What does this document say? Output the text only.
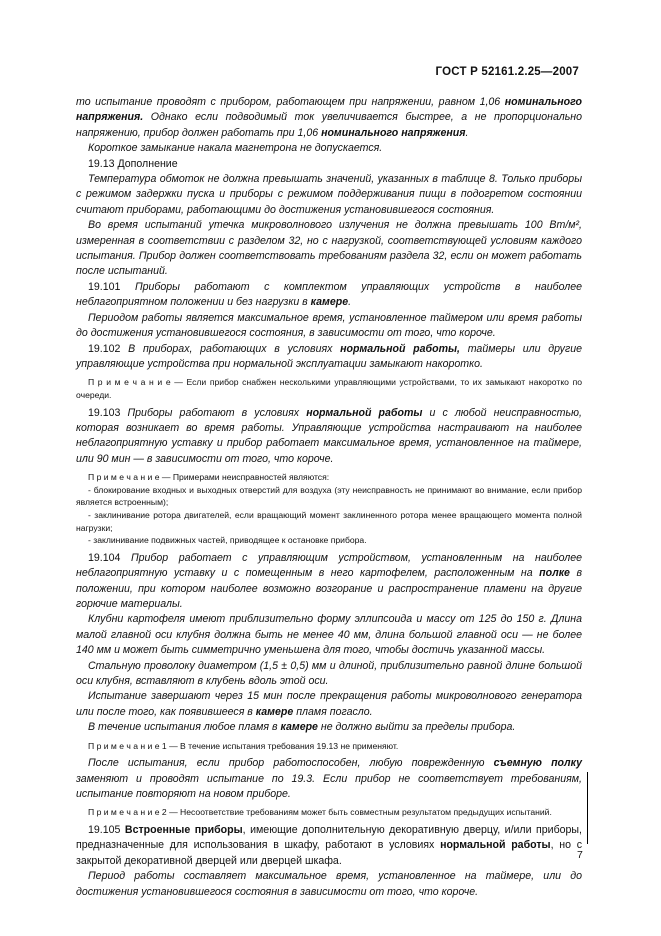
ГОСТ Р 52161.2.25—2007

то испытание проводят с прибором, работающем при напряжении, равном 1,06 номинального напряжения. Однако если подводимый ток увеличивается быстрее, а не пропорционально напряжению, прибор должен работать при 1,06 номинального напряжения.

Короткое замыкание накала магнетрона не допускается.

19.13 Дополнение

Температура обмоток не должна превышать значений, указанных в таблице 8. Только приборы с режимом задержки пуска и приборы с режимом поддерживания пищи в подогретом состоянии считают приборами, работающими до достижения установившегося состояния.

Во время испытаний утечка микроволнового излучения не должна превышать 100 Вт/м², измеренная в соответствии с разделом 32, но с нагрузкой, соответствующей условиям каждого испытания. Прибор должен соответствовать требованиям раздела 32, если он может работать после испытаний.

19.101 Приборы работают с комплектом управляющих устройств в наиболее неблагоприятном положении и без нагрузки в камере.

Периодом работы является максимальное время, установленное таймером или время работы до достижения установившегося состояния, в зависимости от того, что короче.

19.102 В приборах, работающих в условиях нормальной работы, таймеры или другие управляющие устройства при нормальной эксплуатации замыкают накоротко.

П р и м е ч а н и е — Если прибор снабжен несколькими управляющими устройствами, то их замыкают накоротко по очереди.

19.103 Приборы работают в условиях нормальной работы и с любой неисправностью, которая возникает во время работы. Управляющие устройства настраивают на наиболее неблагоприятную уставку и прибор работает максимальное время, установленное на таймере, или 90 мин — в зависимости от того, что короче.

П р и м е ч а н и е — Примерами неисправностей являются:

- блокирование входных и выходных отверстий для воздуха (эту неисправность не принимают во внимание, если прибор является встроенным);

- заклинивание ротора двигателей, если вращающий момент заклиненного ротора менее вращающего момента полной нагрузки;

- заклинивание подвижных частей, приводящее к остановке прибора.

19.104 Прибор работает с управляющим устройством, установленным на наиболее неблагоприятную уставку и с помещенным в него картофелем, расположенным на полке в положении, при котором наиболее возможно возгорание и распространение пламени на другие горючие материалы.

Клубни картофеля имеют приблизительно форму эллипсоида и массу от 125 до 150 г. Длина малой главной оси клубня должна быть не менее 40 мм, длина большой главной оси — не более 140 мм и может быть симметрично уменьшена для того, чтобы достичь указанной массы.

Стальную проволоку диаметром (1,5 ± 0,5) мм и длиной, приблизительно равной длине большой оси клубня, вставляют в клубень вдоль этой оси.

Испытание завершают через 15 мин после прекращения работы микроволнового генератора или после того, как появившееся в камере пламя погасло.

В течение испытания любое пламя в камере не должно выйти за пределы прибора.

П р и м е ч а н и е 1 — В течение испытания требования 19.13 не применяют.

После испытания, если прибор работоспособен, любую поврежденную съемную полку заменяют и проводят испытание по 19.3. Если прибор не соответствует требованиям, испытание повторяют на новом приборе.

П р и м е ч а н и е 2 — Несоответствие требованиям может быть совместным результатом предыдущих испытаний.

19.105 Встроенные приборы, имеющие дополнительную декоративную дверцу, и/или приборы, предназначенные для использования в шкафу, работают в условиях нормальной работы, но с закрытой декоративной дверцей или дверцей шкафа.

Период работы составляет максимальное время, установленное на таймере, или до достижения установившегося состояния в зависимости от того, что короче.

7
